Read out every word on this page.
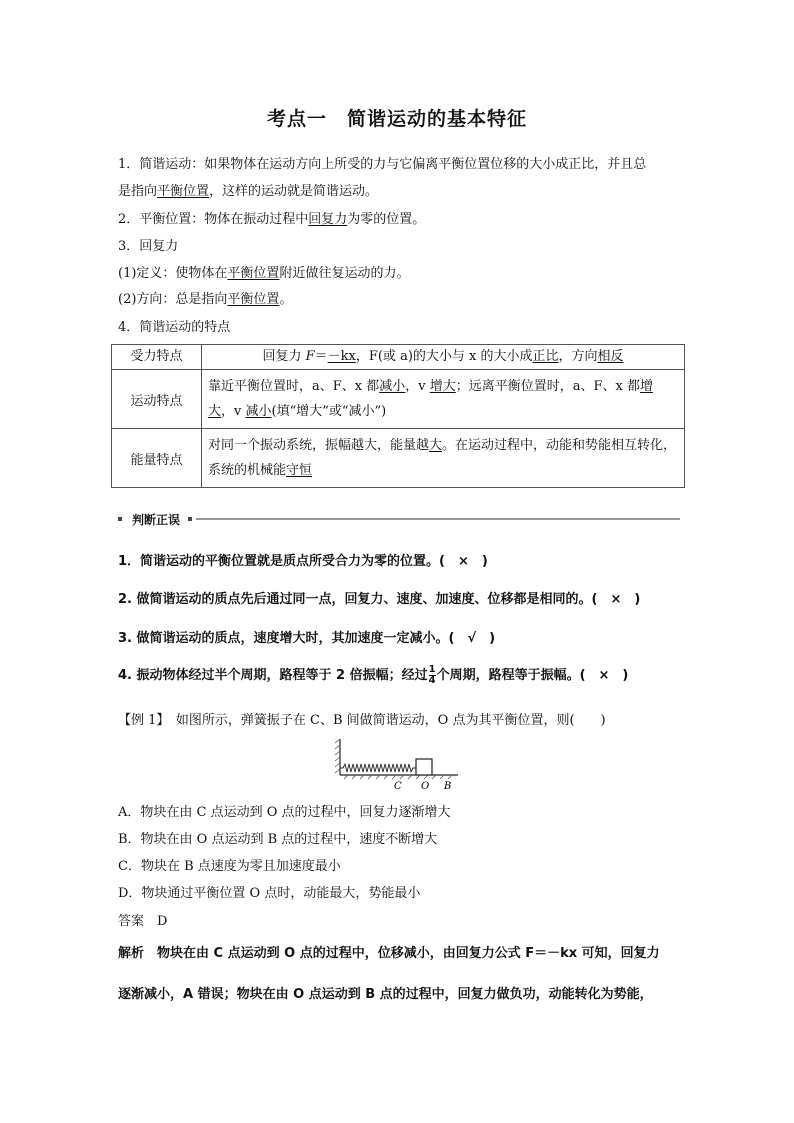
考点一　简谐运动的基本特征
1．简谐运动：如果物体在运动方向上所受的力与它偏离平衡位置位移的大小成正比，并且总
是指向平衡位置，这样的运动就是简谐运动。
2．平衡位置：物体在振动过程中回复力为零的位置。
3．回复力
(1)定义：使物体在平衡位置附近做往复运动的力。
(2)方向：总是指向平衡位置。
4．简谐运动的特点
受力特点	回复力 F＝－kx，F(或 a)的大小与 x 的大小成正比，方向相反
运动特点	靠近平衡位置时，a、F、x 都减小，v 增大；远离平衡位置时，a、F、x 都增大，v 减小(填“增大”或“减小”)
能量特点	对同一个振动系统，振幅越大，能量越大。在运动过程中，动能和势能相互转化，系统的机械能守恒
判断正误
1．简谐运动的平衡位置就是质点所受合力为零的位置。(　×　)
2. 做简谐运动的质点先后通过同一点，回复力、速度、加速度、位移都是相同的。(　×　)
3. 做简谐运动的质点，速度增大时，其加速度一定减小。(　√　)
4. 振动物体经过半个周期，路程等于 2 倍振幅；经过 $\frac{1}{4}$ 个周期，路程等于振幅。(　×　)
【例 1】　如图所示，弹簧振子在 C、B 间做简谐运动，O 点为其平衡位置，则(　　)
C O B
A．物块在由 C 点运动到 O 点的过程中，回复力逐渐增大
B．物块在由 O 点运动到 B 点的过程中，速度不断增大
C．物块在 B 点速度为零且加速度最小
D．物块通过平衡位置 O 点时，动能最大，势能最小
答案　D
解析　物块在由 C 点运动到 O 点的过程中，位移减小，由回复力公式 F＝－kx 可知，回复力
逐渐减小，A 错误；物块在由 O 点运动到 B 点的过程中，回复力做负功，动能转化为势能，
